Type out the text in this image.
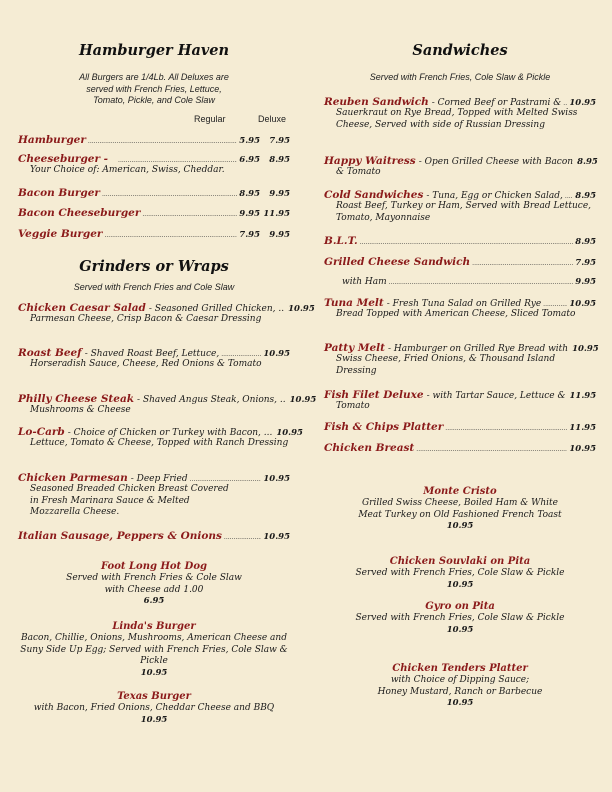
Hamburger Haven
All Burgers are 1/4Lb. All Deluxes are
served with French Fries, Lettuce,
Tomato, Pickle, and Cole Slaw
Regular	Deluxe
Hamburger .....	5.95	7.95
Cheeseburger - .....	6.95	8.95
Your Choice of: American, Swiss, Cheddar.
Bacon Burger .....	8.95	9.95
Bacon Cheeseburger .....	9.95 11.95
Veggie Burger .....	7.95	9.95
Grinders or Wraps
Served with French Fries and Cole Slaw
Chicken Caesar Salad - Seasoned Grilled Chicken, .. 10.95
Parmesan Cheese, Crisp Bacon & Caesar Dressing
Roast Beef - Shaved Roast Beef, Lettuce, .....	10.95
Horseradish Sauce, Cheese, Red Onions & Tomato
Philly Cheese Steak - Shaved Angus Steak, Onions, .. 10.95
Mushrooms & Cheese
Lo-Carb - Choice of Chicken or Turkey with Bacon, ... 10.95
Lettuce, Tomato & Cheese, Topped with Ranch Dressing
Chicken Parmesan - Deep Fried .....	10.95
Seasoned Breaded Chicken Breast Covered in Fresh Marinara Sauce & Melted Mozzarella Cheese.
Italian Sausage, Peppers & Onions .....	10.95
Foot Long Hot Dog
Served with French Fries & Cole Slaw
with Cheese add 1.00
6.95
Linda's Burger
Bacon, Chillie, Onions, Mushrooms, American Cheese and
Suny Side Up Egg; Served with French Fries, Cole Slaw &
Pickle
10.95
Texas Burger
with Bacon, Fried Onions, Cheddar Cheese and BBQ
10.95
Sandwiches
Served with French Fries, Cole Slaw & Pickle
Reuben Sandwich - Corned Beef or Pastrami & ..... 10.95
Sauerkraut on Rye Bread, Topped with Melted Swiss Cheese, Served with side of Russian Dressing
Happy Waitress - Open Grilled Cheese with Bacon 8.95
& Tomato
Cold Sandwiches - Tuna, Egg or Chicken Salad, ..... 8.95
Roast Beef, Turkey or Ham, Served with Bread Lettuce, Tomato, Mayonnaise
B.L.T. .....	8.95
Grilled Cheese Sandwich .....	7.95
with Ham .....	9.95
Tuna Melt - Fresh Tuna Salad on Grilled Rye .....	10.95
Bread Topped with American Cheese, Sliced Tomato
Patty Melt - Hamburger on Grilled Rye Bread with 10.95
Swiss Cheese, Fried Onions, & Thousand Island Dressing
Fish Filet Deluxe - with Tartar Sauce, Lettuce & 11.95
Tomato
Fish & Chips Platter .....	11.95
Chicken Breast .....	10.95
Monte Cristo
Grilled Swiss Cheese, Boiled Ham & White
Meat Turkey on Old Fashioned French Toast
10.95
Chicken Souvlaki on Pita
Served with French Fries, Cole Slaw & Pickle
10.95
Gyro on Pita
Served with French Fries, Cole Slaw & Pickle
10.95
Chicken Tenders Platter
with Choice of Dipping Sauce;
Honey Mustard, Ranch or Barbecue
10.95
